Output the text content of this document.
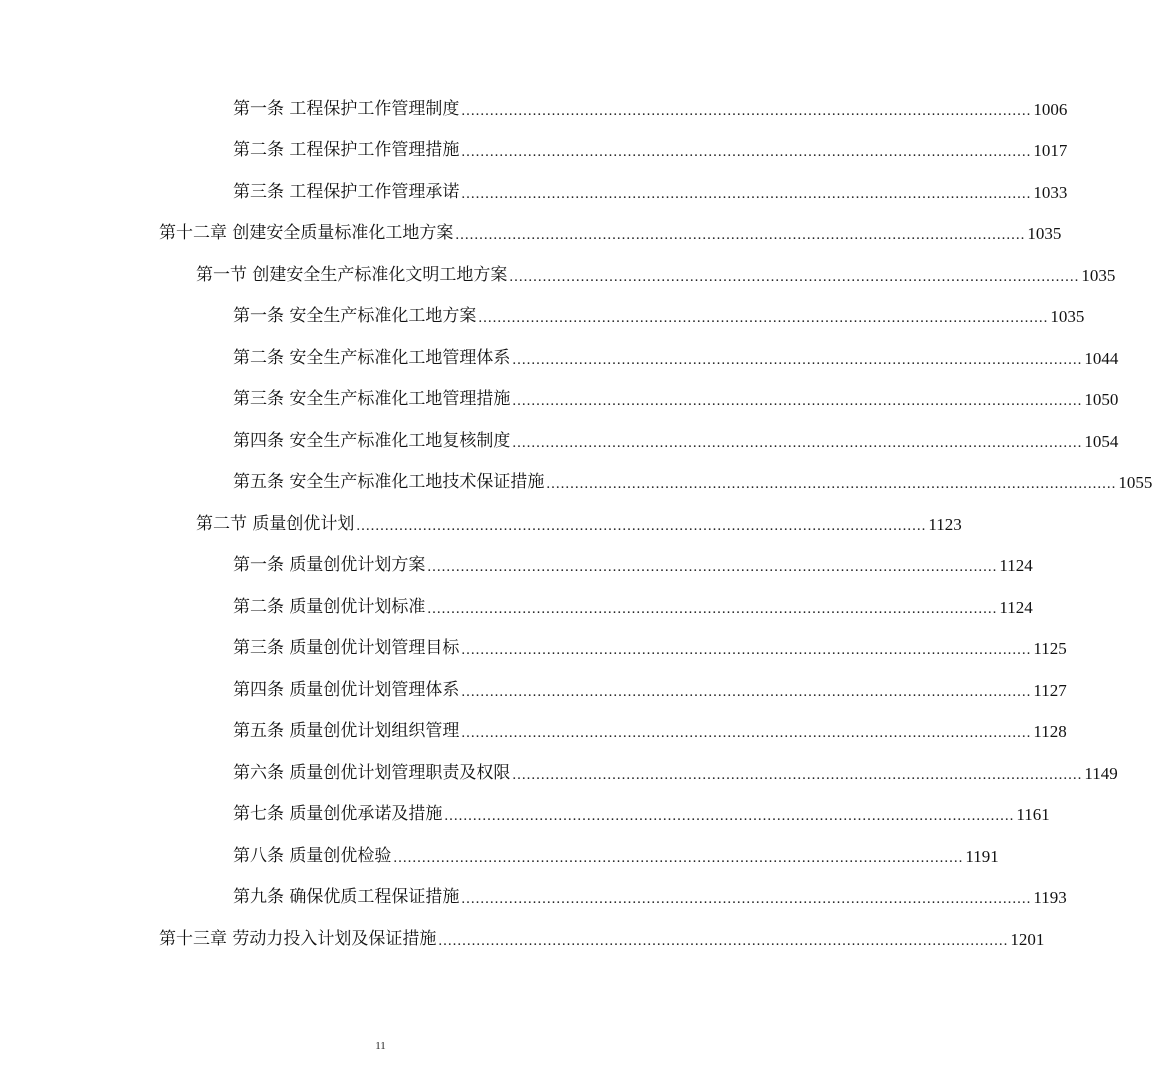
第一条 工程保护工作管理制度 ........................................................................................................................ 1006
第二条 工程保护工作管理措施 ........................................................................................................................ 1017
第三条 工程保护工作管理承诺 ........................................................................................................................ 1033
第十二章 创建安全质量标准化工地方案 ........................................................................................................................ 1035
第一节 创建安全生产标准化文明工地方案 ........................................................................................................................ 1035
第一条 安全生产标准化工地方案 ........................................................................................................................ 1035
第二条 安全生产标准化工地管理体系 ........................................................................................................................ 1044
第三条 安全生产标准化工地管理措施 ........................................................................................................................ 1050
第四条 安全生产标准化工地复核制度 ........................................................................................................................ 1054
第五条 安全生产标准化工地技术保证措施 ........................................................................................................................ 1055
第二节 质量创优计划 ........................................................................................................................ 1123
第一条 质量创优计划方案 ........................................................................................................................ 1124
第二条 质量创优计划标准 ........................................................................................................................ 1124
第三条 质量创优计划管理目标 ........................................................................................................................ 1125
第四条 质量创优计划管理体系 ........................................................................................................................ 1127
第五条 质量创优计划组织管理 ........................................................................................................................ 1128
第六条 质量创优计划管理职责及权限 ........................................................................................................................ 1149
第七条 质量创优承诺及措施 ........................................................................................................................ 1161
第八条 质量创优检验 ........................................................................................................................ 1191
第九条 确保优质工程保证措施 ........................................................................................................................ 1193
第十三章 劳动力投入计划及保证措施 ........................................................................................................................ 1201
11
